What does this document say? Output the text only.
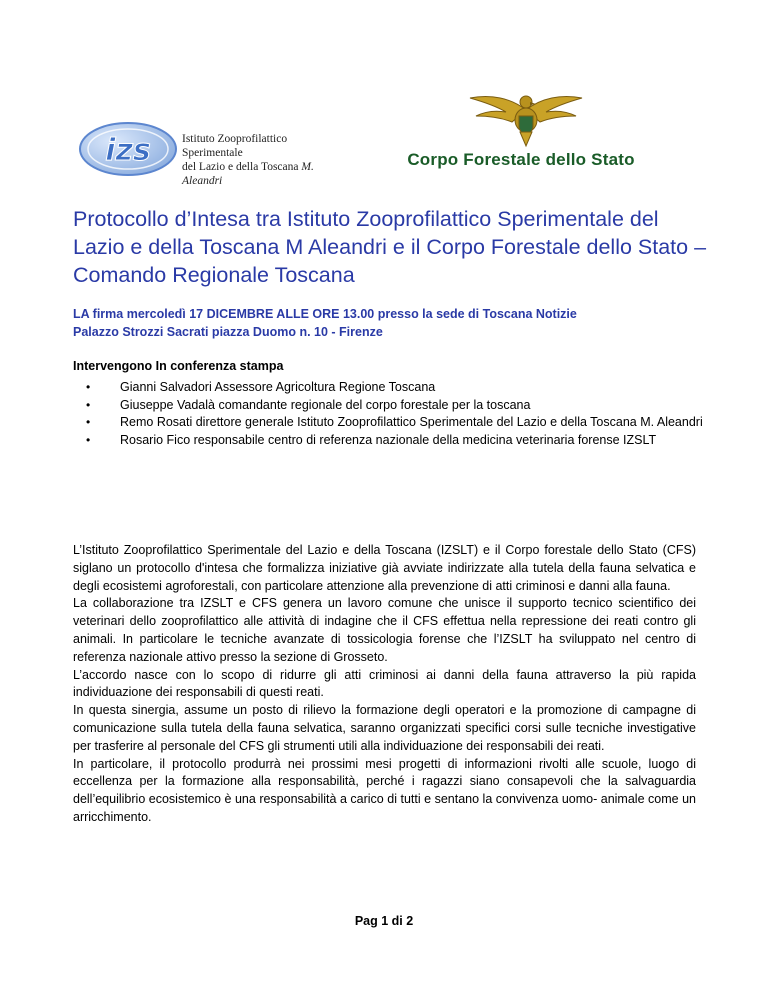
izs	Istituto Zooprofilattico Sperimentale
del Lazio e della Toscana M. Aleandri
Corpo Forestale dello Stato
Protocollo d’Intesa tra Istituto Zooprofilattico Sperimentale del Lazio e della Toscana M Aleandri e il Corpo Forestale dello Stato – Comando Regionale Toscana

LA firma mercoledì 17 DICEMBRE ALLE ORE 13.00 presso la sede di Toscana Notizie

Palazzo Strozzi Sacrati piazza Duomo n. 10 - Firenze

Intervengono In conferenza stampa

• Gianni Salvadori Assessore Agricoltura Regione Toscana
• Giuseppe Vadalà comandante regionale del corpo forestale per la toscana
• Remo Rosati direttore generale Istituto Zooprofilattico Sperimentale del Lazio e della Toscana M. Aleandri
• Rosario Fico responsabile centro di referenza nazionale della medicina veterinaria forense IZSLT

L’Istituto Zooprofilattico Sperimentale del Lazio e della Toscana (IZSLT) e il Corpo forestale dello Stato (CFS) siglano un protocollo d'intesa che formalizza iniziative già avviate indirizzate alla tutela della fauna selvatica e degli ecosistemi agroforestali, con particolare attenzione alla prevenzione di atti criminosi e danni alla fauna.

La collaborazione tra IZSLT e CFS genera un lavoro comune che unisce il supporto tecnico scientifico dei veterinari dello zooprofilattico alle attività di indagine che il CFS effettua nella repressione dei reati contro gli animali. In particolare le tecniche avanzate di tossicologia forense che l’IZSLT ha sviluppato nel centro di referenza nazionale attivo presso la sezione di Grosseto.

L’accordo nasce con lo scopo di ridurre gli atti criminosi ai danni della fauna attraverso la più rapida individuazione dei responsabili di questi reati.

In questa sinergia, assume un posto di rilievo la formazione degli operatori e la promozione di campagne di comunicazione sulla tutela della fauna selvatica, saranno organizzati specifici corsi sulle tecniche investigative per trasferire al personale del CFS gli strumenti utili alla individuazione dei responsabili dei reati.

In particolare, il protocollo produrrà nei prossimi mesi progetti di informazioni rivolti alle scuole, luogo di eccellenza per la formazione alla responsabilità, perché i ragazzi siano consapevoli che la salvaguardia dell’equilibrio ecosistemico è una responsabilità a carico di tutti e sentano la convivenza uomo- animale come un arricchimento.

Pag 1 di 2
